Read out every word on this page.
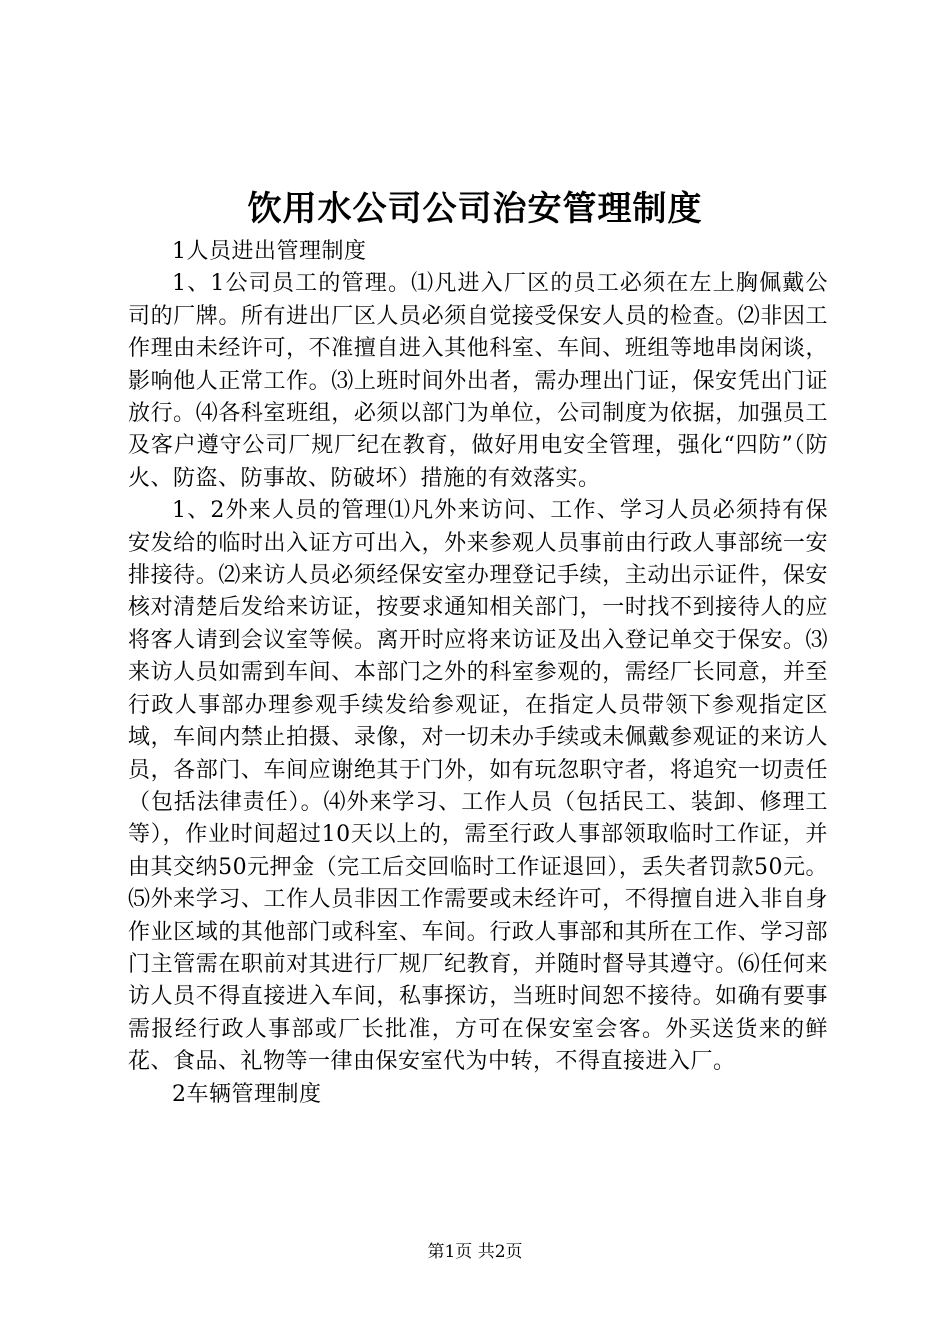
饮用水公司公司治安管理制度

1人员进出管理制度

1、1公司员工的管理。⑴凡进入厂区的员工必须在左上胸佩戴公司的厂牌。所有进出厂区人员必须自觉接受保安人员的检查。⑵非因工作理由未经许可，不准擅自进入其他科室、车间、班组等地串岗闲谈，影响他人正常工作。⑶上班时间外出者，需办理出门证，保安凭出门证放行。⑷各科室班组，必须以部门为单位，公司制度为依据，加强员工及客户遵守公司厂规厂纪在教育，做好用电安全管理，强化“四防”（防火、防盗、防事故、防破坏）措施的有效落实。

1、2外来人员的管理⑴凡外来访问、工作、学习人员必须持有保安发给的临时出入证方可出入，外来参观人员事前由行政人事部统一安排接待。⑵来访人员必须经保安室办理登记手续，主动出示证件，保安核对清楚后发给来访证，按要求通知相关部门，一时找不到接待人的应将客人请到会议室等候。离开时应将来访证及出入登记单交于保安。⑶来访人员如需到车间、本部门之外的科室参观的，需经厂长同意，并至行政人事部办理参观手续发给参观证，在指定人员带领下参观指定区域，车间内禁止拍摄、录像，对一切未办手续或未佩戴参观证的来访人员，各部门、车间应谢绝其于门外，如有玩忽职守者，将追究一切责任（包括法律责任）。⑷外来学习、工作人员（包括民工、装卸、修理工等），作业时间超过10天以上的，需至行政人事部领取临时工作证，并由其交纳50元押金（完工后交回临时工作证退回），丢失者罚款50元。⑸外来学习、工作人员非因工作需要或未经许可，不得擅自进入非自身作业区域的其他部门或科室、车间。行政人事部和其所在工作、学习部门主管需在职前对其进行厂规厂纪教育，并随时督导其遵守。⑹任何来访人员不得直接进入车间，私事探访，当班时间恕不接待。如确有要事需报经行政人事部或厂长批准，方可在保安室会客。外买送货来的鲜花、食品、礼物等一律由保安室代为中转，不得直接进入厂。

2车辆管理制度

第1页 共2页
